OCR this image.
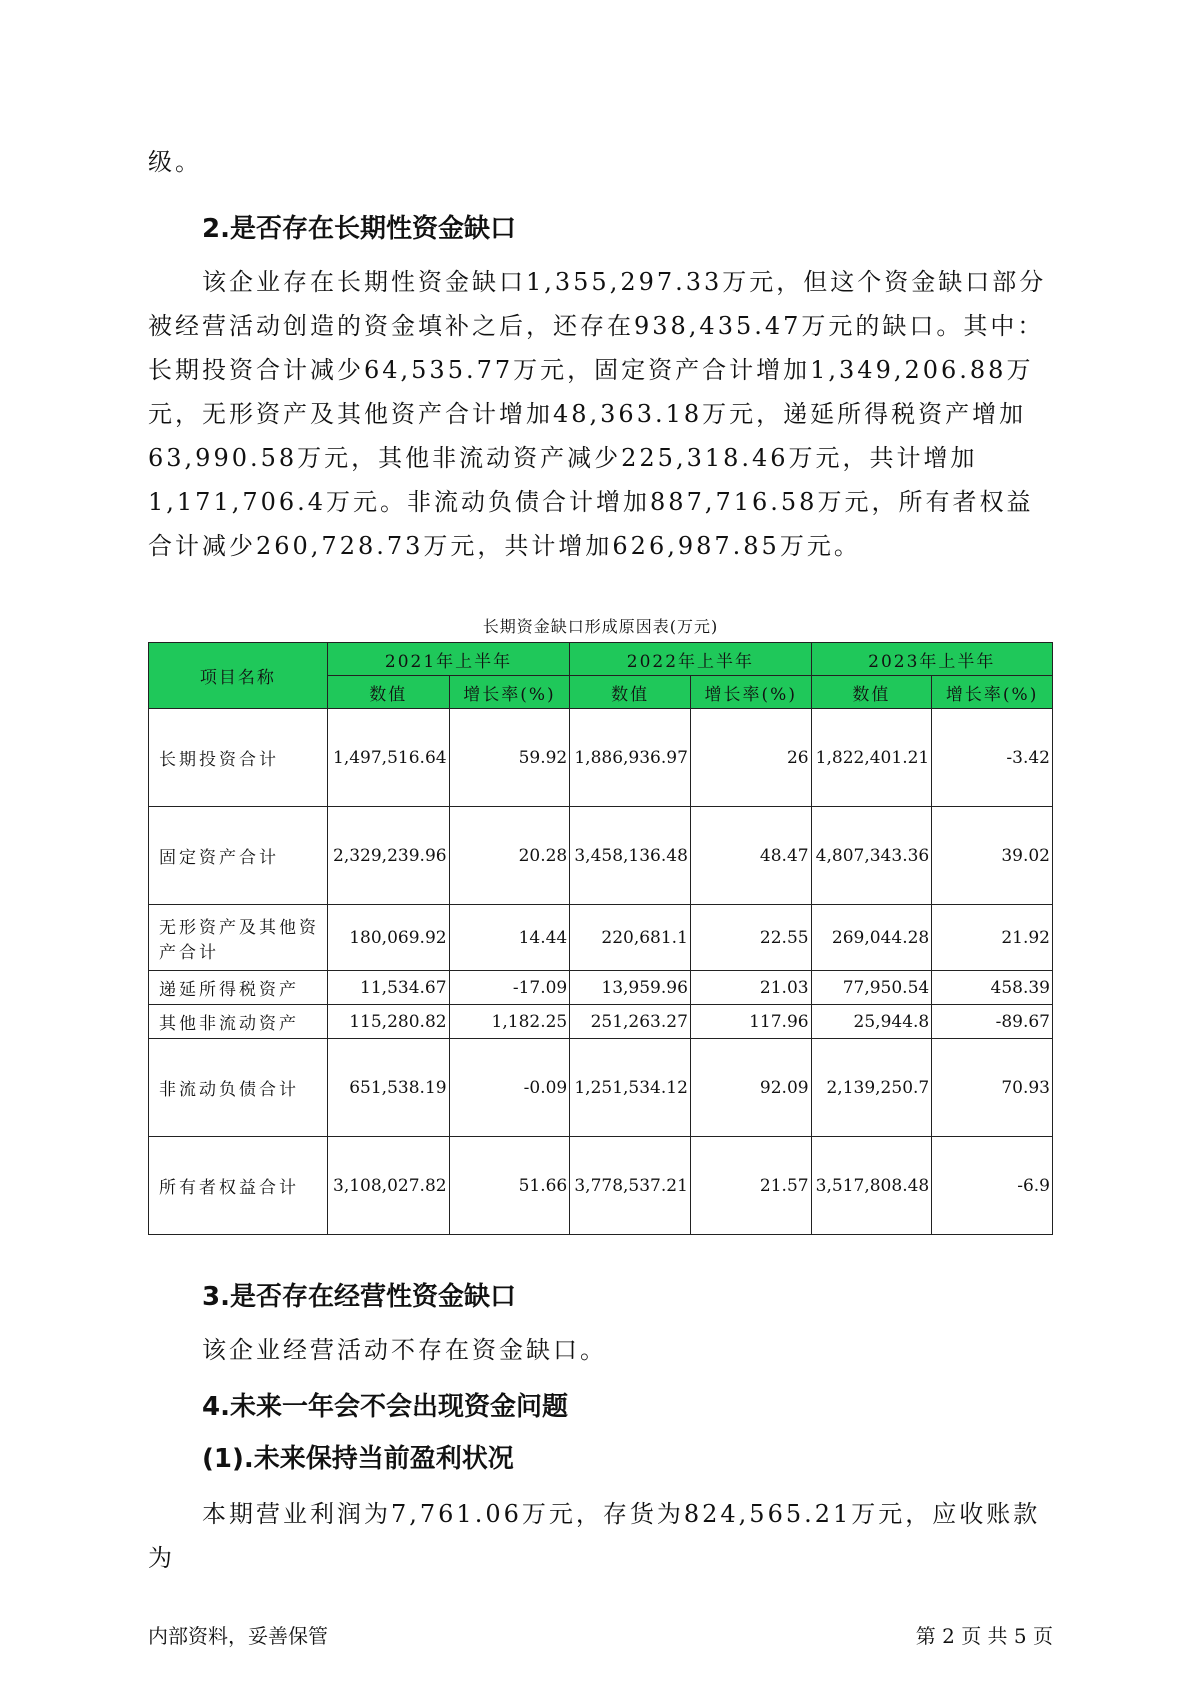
级。

2.是否存在长期性资金缺口

该企业存在长期性资金缺口1,355,297.33万元，但这个资金缺口部分被经营活动创造的资金填补之后，还存在938,435.47万元的缺口。其中：长期投资合计减少64,535.77万元，固定资产合计增加1,349,206.88万元，无形资产及其他资产合计增加48,363.18万元，递延所得税资产增加63,990.58万元，其他非流动资产减少225,318.46万元，共计增加1,171,706.4万元。非流动负债合计增加887,716.58万元，所有者权益合计减少260,728.73万元，共计增加626,987.85万元。

长期资金缺口形成原因表(万元)
项目名称	2021年上半年		2022年上半年		2023年上半年	
	数值	增长率(%)	数值	增长率(%)	数值	增长率(%)
长期投资合计	1,497,516.64	59.92	1,886,936.97	26	1,822,401.21	-3.42
固定资产合计	2,329,239.96	20.28	3,458,136.48	48.47	4,807,343.36	39.02
无形资产及其他资产合计	180,069.92	14.44	220,681.1	22.55	269,044.28	21.92
递延所得税资产	11,534.67	-17.09	13,959.96	21.03	77,950.54	458.39
其他非流动资产	115,280.82	1,182.25	251,263.27	117.96	25,944.8	-89.67
非流动负债合计	651,538.19	-0.09	1,251,534.12	92.09	2,139,250.7	70.93
所有者权益合计	3,108,027.82	51.66	3,778,537.21	21.57	3,517,808.48	-6.9
3.是否存在经营性资金缺口

该企业经营活动不存在资金缺口。

4.未来一年会不会出现资金问题
(1).未来保持当前盈利状况

本期营业利润为7,761.06万元，存货为824,565.21万元，应收账款为

内部资料，妥善保管	第 2 页 共 5 页
